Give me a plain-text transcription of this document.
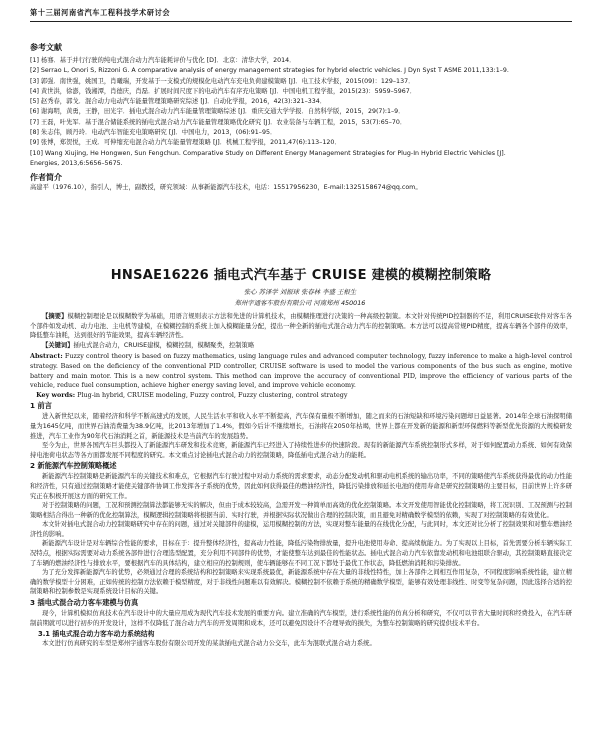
第十三届河南省汽车工程科技学术研讨会
参考文献
[1] 杨骞．基于并行行驶的纯电式混合动力汽车能耗评价与优化 [D]．北京：清华大学，2014．
[2] Serrao L, Onori S, Rizzoni G. A comparative analysis of energy management strategies for hybrid electric vehicles. J Dyn Syst T ASME 2011,133:1–9.
[3] 郭强．南世强，姚国卫，肖曦瑞，开发基于一支模式的规模化电动汽车充电负荷建模策略 [J]．电工技术学报，2015(09)：129–137．
[4] 黄世洪，徐澎，钱湘潭，肖德庆，肖磊．扩展时间尺度下的电动汽车有序充电策略 [J]．中国电机工程学报，2015(23)：5959–5967．
[5] 赵秀春，郭戈．混合动力电动汽车能量管理策略研究综述 [J]．自动化学报，2016，42(3):321–334．
[6] 谢海明，黄勇，王静，田光宇．插电式混合动力汽车能量管理策略综述 [J]．重庆交通大学学报．自然科学版，2015，29(7):1–9．
[7] 王磊，叶先军．基于混合储能系统的插电式混合动力汽车能量管理策略优化研究 [J]．农业装备与车辆工程，2015，53(7):65–70．
[8] 朱志伟，顾丹玲．电动汽车智能充电策略研究 [J]．中国电力，2013，(06):91–95．
[9] 张博，郑贺悦，王成．可伸缩充电混合动力汽车能量管理策略 [J]．机械工程学报，2011,47(6):113–120．
[10] Wang Xiujing, He Hongwen, Sun Fengchun. Comparative Study on Different Energy Management Strategies for Plug-In Hybrid Electric Vehicles [J].
Energies, 2013,6:5656–5675.
作者简介
高建平（1976.10），指引人，博士，副教授，研究领域：从事新能源汽车技术，电话：15517956230，E-mail:1325158674@qq.com。
HNSAE16226 插电式汽车基于 CRUISE 建模的模糊控制策略
张心 苏泽学 刘振球 张春林 李盛 王根生
郑州宇通客车股份有限公司 河南郑州 450016

【摘要】模糊控制理论是以模糊数学为基础，用语言规则表示方法和先进的计算机技术，由模糊推理进行决策的一种高级控制策。本文针对传统PID控制器的不足，利用CRUISE软件对客车各个部件如发动机、动力电池、主电机等建模，在模糊控制的系统上加入模糊能量分配，提出一种全新的插电式混合动力汽车的控制策略。本方法可以提高常规PID精度，提高车辆各个部件的效率，降低整车油耗，达到很好的节能效果，提高车辆经济性。

【关键词】插电式混合动力，CRUISE建模，模糊控制，模糊聚类，控制策略

Abstract: Fuzzy control theory is based on fuzzy mathematics, using language rules and advanced computer technology, fuzzy inference to make a high-level control strategy. Based on the deficiency of the conventional PID controller, CRUISE software is used to model the various components of the bus such as engine, motive battery and main motor. This is a new control system. This method can improve the accuracy of conventional PID, improve the efficiency of various parts of the vehicle, reduce fuel consumption, achieve higher energy saving level, and improve vehicle economy.

Key words: Plug-in hybrid, CRUISE modeling, Fuzzy control, Fuzzy clustering, control strategy

1 前言

进入新世纪以来，随着经济和科学不断高速式的发展，人民生活水平和收入水平不断提高，汽车保有量极不断增加，随之而来的石油短缺和环境污染问题却日益显著。2014年全球石油探明储量为1645亿吨，而世界石油消费量为38.9亿吨，比2013年增加了1.4%，假如今后计不继续增长，石油将在2050年枯竭，世界上都在开发新的能源和新型环保燃料等新型优先资源的大规模研发推进，汽车工业作为90年代石油消耗之首，新能源技术是当前汽车的发展趋势。

至今为止，世界各国汽车巨头都投入了新能源汽车研发和技术竞赛，新能源汽车已经进入了持续性进步的快速阶段。现有的新能源汽车系统控制形式多样，对于如何配置动力系统、如何有效保持电池荷电状态等各方面都发展不同程度的研究。本文重点讨论插电式混合动力的控制策略，降低插电式混合动力的能耗。

2 新能源汽车控制策略概述

新能源汽车控制策略是新能源汽车的关键技术和难点，它根据汽车行驶过程中对动力系统的需求要求，动态分配发动机和驱动电机系统的输出功率，不同的策略使汽车系统获得最优的动力性能和经济性，只有通过控制策略才能使关键部件协调工作发挥各子系统的优势，因此如何获得最佳的燃油经济性，降低污染排放和延长电池的使用寿命是研究控制策略的主要目标，目前世界上许多研究正在积极开展这方面的研究工作。

对于控制策略的问题，工况和预测控制算法都能够无实的解决，但由于成本较较高，急需开发一种简单而高效的优化控制策略。本文开发使用智能优化控制策略，将工况识别、工况预测与控制策略相结合得出一种新的优化控制算法，模糊逻辑控制策略将根据当前、实时行驶，并根据实际状况做出合理的控制决策，而且避免对精确数学模型的依赖，实现了对控制策略的有效优化。

本文针对插电式混合动力控制策略研究中存在的问题，通过对关键部件的建模，运用模糊控制的方法，实现对整车能量的在线优化分配，与此同时，本文还对比分析了控制效果和对整车燃油经济性的影响。

新能源汽车设计是对车辆综合性能的要求，目标在于：提升整体经济性，提高动力性能，降低污染物排放量，提升电池使用寿命、提高续航能力。为了实现以上目标，首先需要分析车辆实际工况特点，根据实际需要对动力系统各部件进行合理选型配置，充分利用不同部件的优势，才能使整车达到最佳的性能状态。插电式混合动力汽车依靠发动机和电池组联合驱动，其控制策略直接决定了车辆的燃油经济性与排放水平，要根据汽车的具体结构，建立相应的控制规则，使车辆能够在不同工况下都处于最优工作状态，降低燃油消耗和污染排放。

为了充分发挥新能源汽车的优势，必须通过合理的系统结构和控制策略来实现系统最优，新能源系统中存在大量的非线性特性，加上各部件之间相互作用复杂，不同程度影响系统性能，建立精确的数学模型十分困难，正如传统的控制方法依赖于模型精度，对于非线性问题难以有效解决。模糊控制不依赖于系统的精确数学模型，能够有效处理非线性、时变等复杂问题，因此选择合适的控制策略和控制参数是实现系统设计目标的关键。

3 插电式混合动力客车建模与仿真

现今，计算机模拟仿真技术在汽车设计中的大量应用成为现代汽车技术发展的重要方向。建立准确的汽车模型，进行系统性能的仿真分析和研究，不仅可以节省大量时间和经费投入，在汽车研制前期就可以进行初步的开发设计，这样不仅降低了混合动力汽车的开发周期和成本，还可以避免因设计不合理导致的损失，为整车控制策略的研究提供技术平台。

3.1 插电式混合动力客车动力系统结构

本文进行仿真研究的车型是郑州宇通客车股份有限公司开发的某款插电式混合动力公交车，此车为混联式混合动力系统。
